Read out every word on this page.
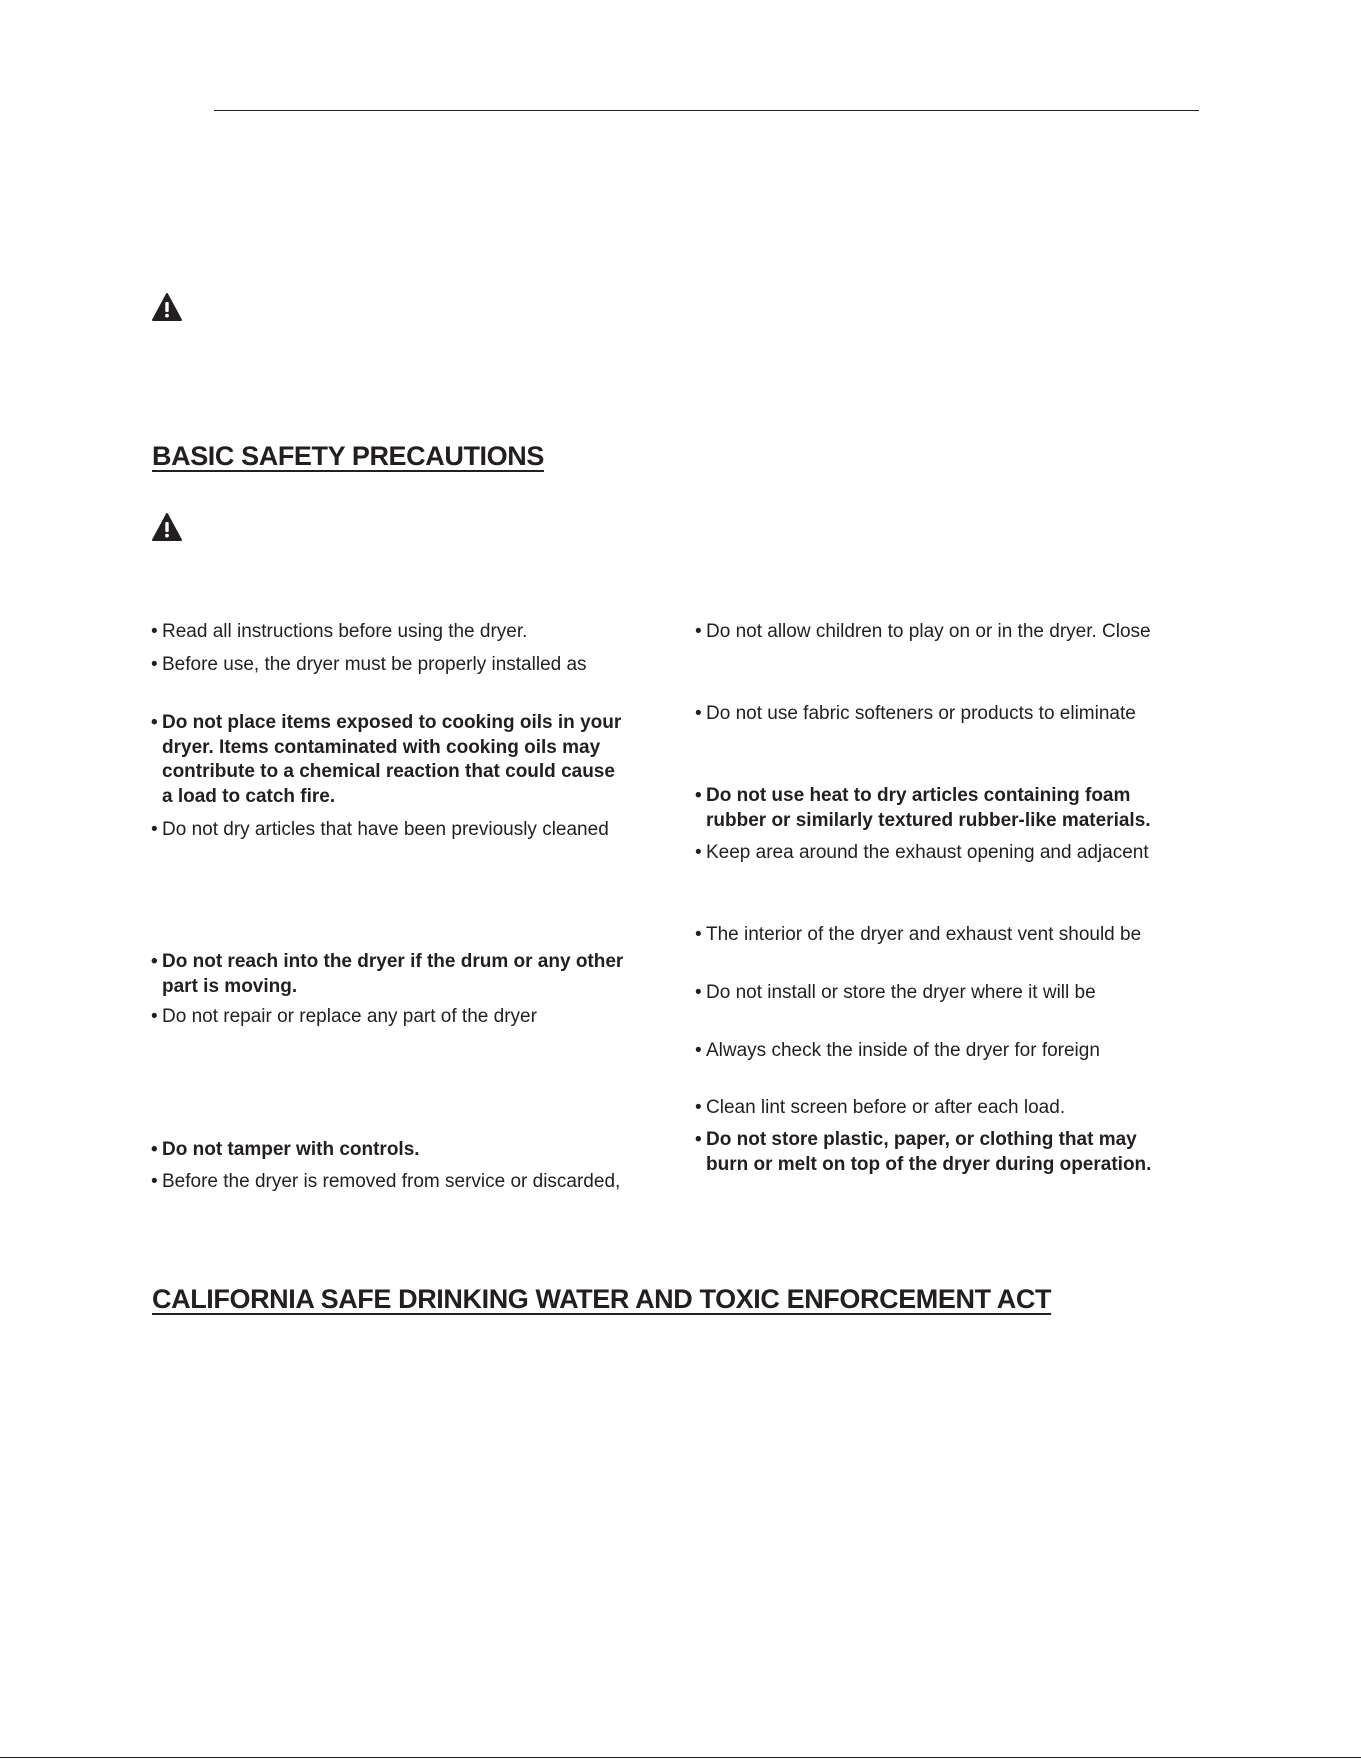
BASIC SAFETY PRECAUTIONS
• Read all instructions before using the dryer.
• Before use, the dryer must be properly installed as
• Do not place items exposed to cooking oils in your
dryer. Items contaminated with cooking oils may
contribute to a chemical reaction that could cause
a load to catch fire.
• Do not dry articles that have been previously cleaned
• Do not reach into the dryer if the drum or any other
part is moving.
• Do not repair or replace any part of the dryer
• Do not tamper with controls.
• Before the dryer is removed from service or discarded,
• Do not allow children to play on or in the dryer. Close
• Do not use fabric softeners or products to eliminate
• Do not use heat to dry articles containing foam
rubber or similarly textured rubber-like materials.
• Keep area around the exhaust opening and adjacent
• The interior of the dryer and exhaust vent should be
• Do not install or store the dryer where it will be
• Always check the inside of the dryer for foreign
• Clean lint screen before or after each load.
• Do not store plastic, paper, or clothing that may
burn or melt on top of the dryer during operation.
CALIFORNIA SAFE DRINKING WATER AND TOXIC ENFORCEMENT ACT
